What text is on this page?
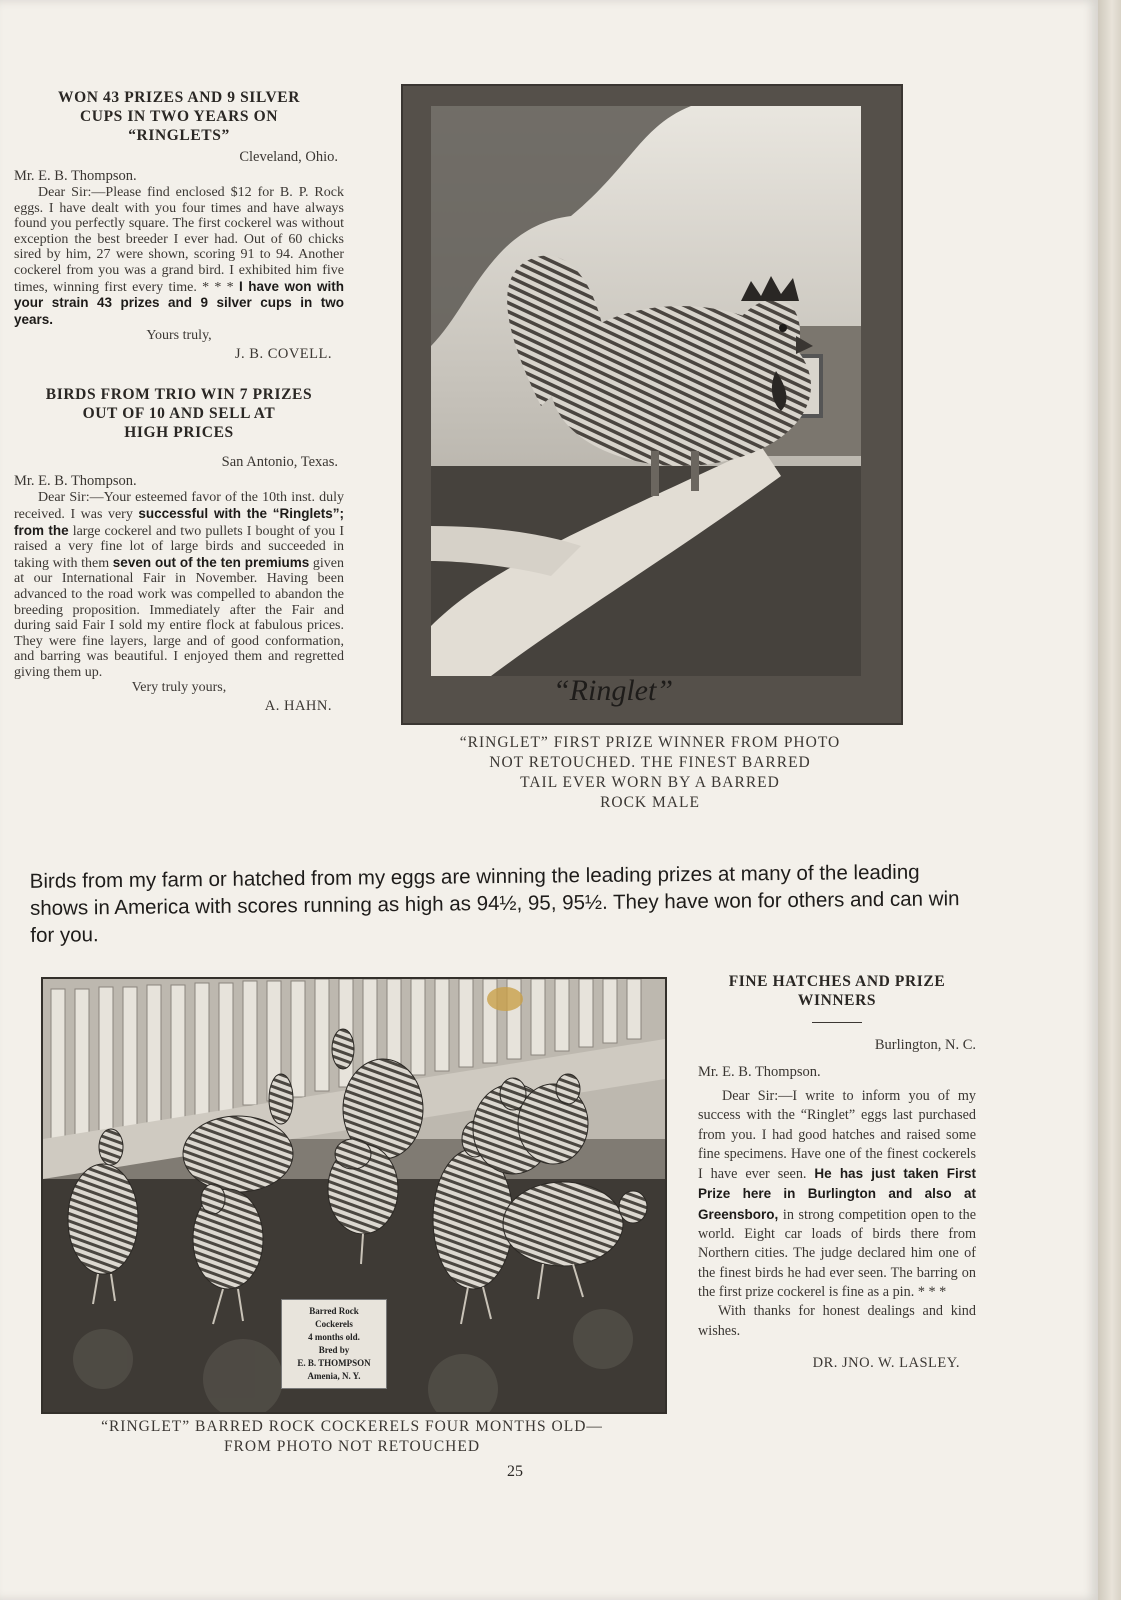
WON 43 PRIZES AND 9 SILVER

CUPS IN TWO YEARS ON

“RINGLETS”

Cleveland, Ohio.

Mr. E. B. Thompson.

Dear Sir:—Please find enclosed $12 for B. P. Rock eggs. I have dealt with you four times and have always found you perfectly square. The first cockerel was without exception the best breeder I ever had. Out of 60 chicks sired by him, 27 were shown, scoring 91 to 94. Another cockerel from you was a grand bird. I exhibited him five times, winning first every time. * * * I have won with your strain 43 prizes and 9 silver cups in two years.

Yours truly,

J. B. COVELL.

BIRDS FROM TRIO WIN 7 PRIZES

OUT OF 10 AND SELL AT

HIGH PRICES

San Antonio, Texas.

Mr. E. B. Thompson.

Dear Sir:—Your esteemed favor of the 10th inst. duly received. I was very successful with the “Ringlets”; from the large cockerel and two pullets I bought of you I raised a very fine lot of large birds and succeeded in taking with them seven out of the ten premiums given at our International Fair in November. Having been advanced to the road work was compelled to abandon the breeding proposition. Immediately after the Fair and during said Fair I sold my entire flock at fabulous prices. They were fine layers, large and of good conformation, and barring was beautiful. I enjoyed them and regretted giving them up.

Very truly yours,

A. HAHN.	“Ringlet”

“RINGLET” FIRST PRIZE WINNER FROM PHOTO

NOT RETOUCHED. THE FINEST BARRED

TAIL EVER WORN BY A BARRED

ROCK MALE

Birds from my farm or hatched from my eggs are winning the leading prizes at many of the leading shows in America with scores running as high as 94½, 95, 95½. They have won for others and can win for you.

Barred Rock
Cockerels
4 months old.
Bred by
E. B. THOMPSON
Amenia, N. Y.

“RINGLET” BARRED ROCK COCKERELS FOUR MONTHS OLD—

FROM PHOTO NOT RETOUCHED

FINE HATCHES AND PRIZE

WINNERS

Burlington, N. C.

Mr. E. B. Thompson.

Dear Sir:—I write to inform you of my success with the “Ringlet” eggs last purchased from you. I had good hatches and raised some fine specimens. Have one of the finest cockerels I have ever seen. He has just taken First Prize here in Burlington and also at Greensboro, in strong competition open to the world. Eight car loads of birds there from Northern cities. The judge declared him one of the finest birds he had ever seen. The barring on the first prize cockerel is fine as a pin. * * *

With thanks for honest dealings and kind wishes.

DR. JNO. W. LASLEY.

25
